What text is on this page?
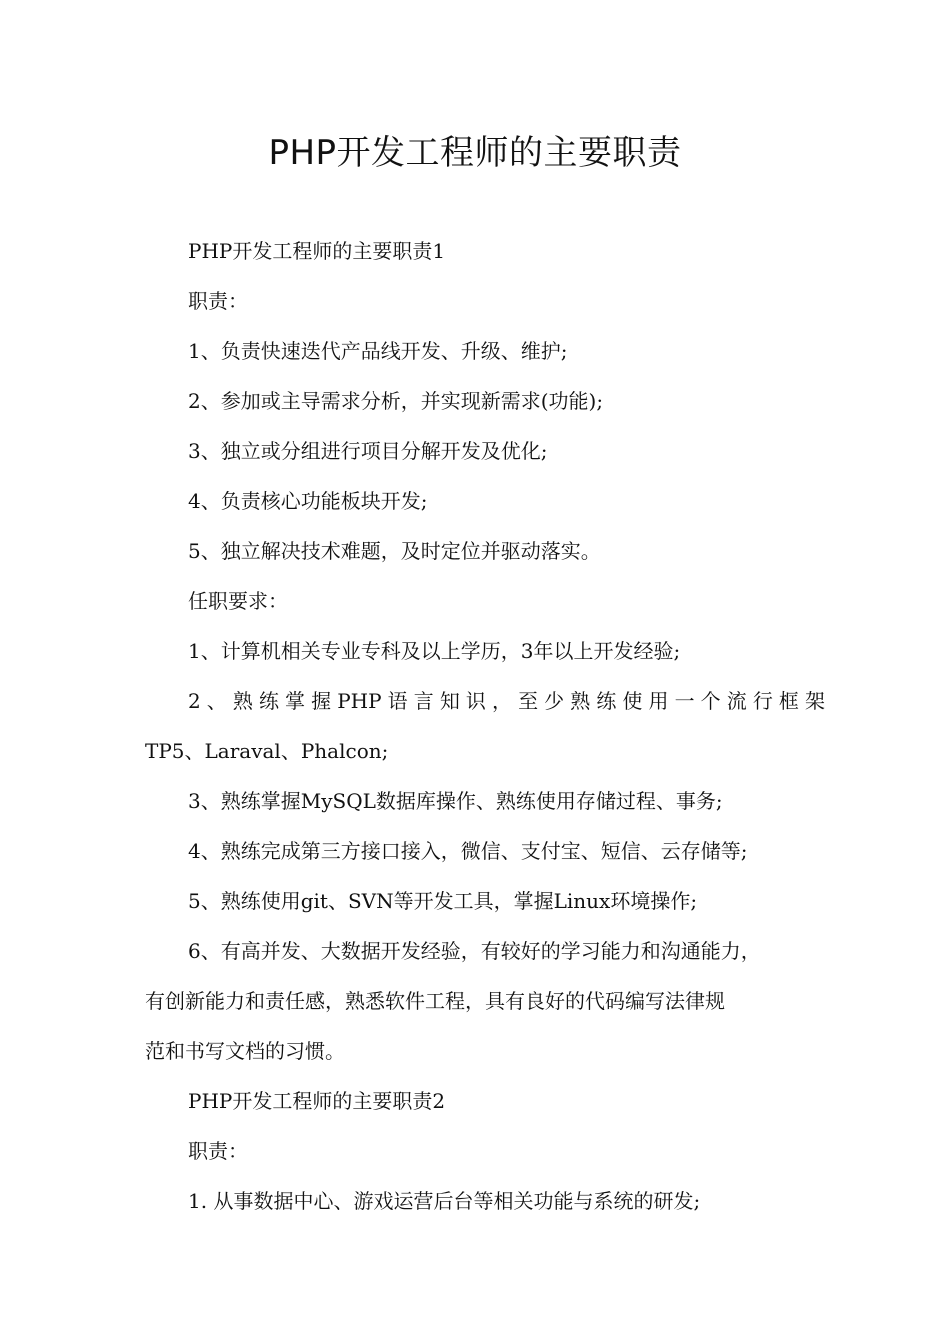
PHP开发工程师的主要职责

PHP开发工程师的主要职责1

职责：

1、负责快速迭代产品线开发、升级、维护;

2、参加或主导需求分析，并实现新需求(功能);

3、独立或分组进行项目分解开发及优化;

4、负责核心功能板块开发;

5、独立解决技术难题，及时定位并驱动落实。

任职要求：

1、计算机相关专业专科及以上学历，3年以上开发经验;

2、熟练掌握PHP语言知识，至少熟练使用一个流行框架

TP5、Laraval、Phalcon;

3、熟练掌握MySQL数据库操作、熟练使用存储过程、事务;

4、熟练完成第三方接口接入，微信、支付宝、短信、云存储等;

5、熟练使用git、SVN等开发工具，掌握Linux环境操作;

6、有高并发、大数据开发经验，有较好的学习能力和沟通能力，

有创新能力和责任感，熟悉软件工程，具有良好的代码编写法律规

范和书写文档的习惯。

PHP开发工程师的主要职责2

职责：

1. 从事数据中心、游戏运营后台等相关功能与系统的研发;
